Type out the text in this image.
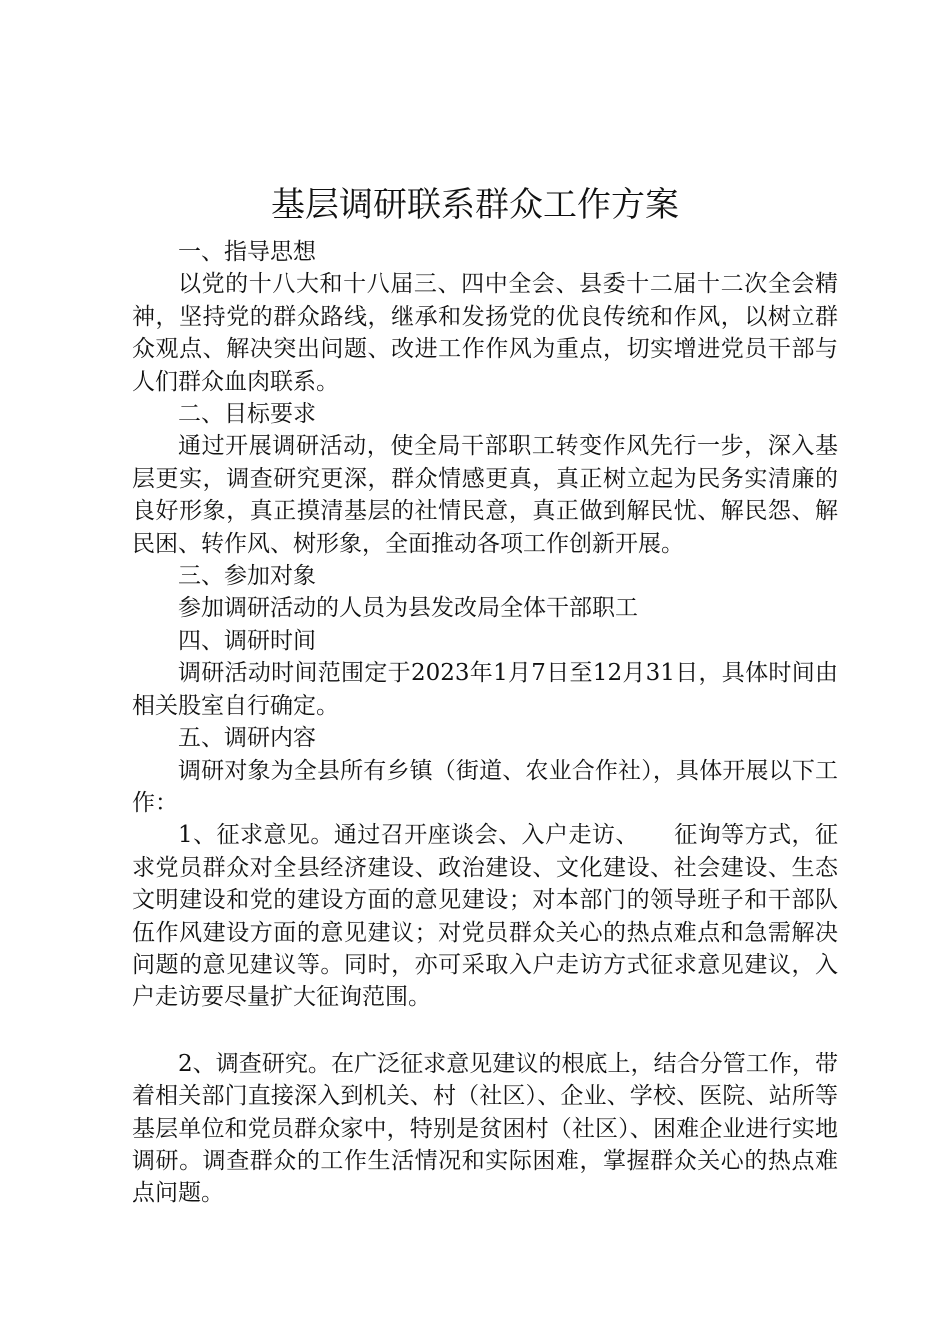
基层调研联系群众工作方案

一、指导思想

以党的十八大和十八届三、四中全会、县委十二届十二次全会精神，坚持党的群众路线，继承和发扬党的优良传统和作风，以树立群众观点、解决突出问题、改进工作作风为重点，切实增进党员干部与人们群众血肉联系。

二、目标要求

通过开展调研活动，使全局干部职工转变作风先行一步，深入基层更实，调查研究更深，群众情感更真，真正树立起为民务实清廉的良好形象，真正摸清基层的社情民意，真正做到解民忧、解民怨、解民困、转作风、树形象，全面推动各项工作创新开展。

三、参加对象

参加调研活动的人员为县发改局全体干部职工

四、调研时间

调研活动时间范围定于2023年1月7日至12月31日，具体时间由相关股室自行确定。

五、调研内容

调研对象为全县所有乡镇（街道、农业合作社），具体开展以下工作：

1、征求意见。通过召开座谈会、入户走访、　　征询等方式，征求党员群众对全县经济建设、政治建设、文化建设、社会建设、生态文明建设和党的建设方面的意见建设；对本部门的领导班子和干部队伍作风建设方面的意见建议；对党员群众关心的热点难点和急需解决问题的意见建议等。同时，亦可采取入户走访方式征求意见建议，入户走访要尽量扩大征询范围。

2、调查研究。在广泛征求意见建议的根底上，结合分管工作，带着相关部门直接深入到机关、村（社区）、企业、学校、医院、站所等基层单位和党员群众家中，特别是贫困村（社区）、困难企业进行实地调研。调查群众的工作生活情况和实际困难，掌握群众关心的热点难点问题。
